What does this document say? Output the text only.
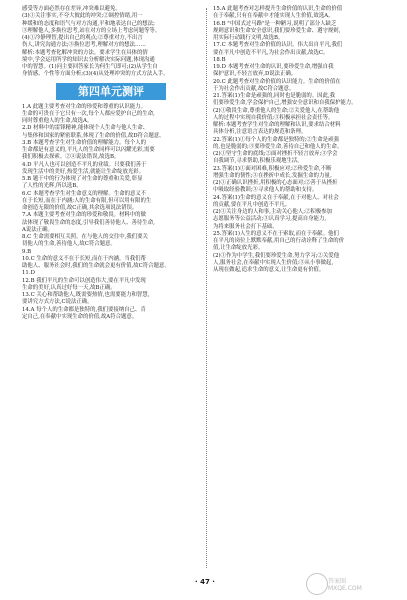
感受等方面必然存在差异,冲突难以避免。
(3)①关注事实,不夸大彼此的冲突;②调控情绪,用一
种缓和的态度和语气与对方沟通,平和地表达自己的想法;
③理解他人,多换位思考,站在对方的立场上考虑问题等等。
(4)①冷静理智,提出自己的观点;②尊重对方,不出言
伤人,讲究沟通方法;③换位思考,理解对方的想法……
解析:本题考查化解冲突的方法。要求学生在具体的情
境中,学会运用所学的知识去分析解决实际问题,体现沟通
中的智慧。(1)问主要回答家长为何生气即可;(2)从学生自
身情感、个性等方面分析;(3)(4)从处理冲突的方式方法入手。
第四单元测评
1.A 此题主要考查对生命的珍爱和尊重的认识能力。
生命的可贵在于它只有一次,每个人都应爱护自己的生命,
同时尊重他人的生命,故选A。
2.D 材料中的雷锋精神,能体现个人生命与他人生命、
与集体和国家的紧密联系,体现了生命的价值,故D符合题意。
3.B 本题考查学生对生命价值的理解能力。每个人的
生命都是有意义的,平凡人的生命同样可以闪耀光彩,需要
我们积极去探索。②④说法错误,故选B。
4.D 平凡人也可以创造不平凡的业绩。只要我们善于
发现生活中的美好,热爱生活,就能让生命绽放光彩。
5.B 题干中的行为体现了对生命的尊重和关爱,彰显
了人性的光辉,所以选B。
6.C 本题考查学生对生命意义的理解。生命的意义不
在于长短,而在于内涵;人的生命有限,但可以用有限的生
命创造无限的价值,故C正确,其余选项说法错误。
7.A 本题主要考查对生命的珍爱和敬畏。材料中的做
法体现了敬畏生命的态度,引导我们善待他人、善待生命,
A说法正确。
8.C 生命需要相互关照。在与他人的交往中,我们要关
切他人的生命,善待他人,故C符合题意。
9.B
10.C 生命的意义不在于长短,而在于内涵。当我们帮
助他人、服务社会时,我们的生命就会更有价值,故C符合题意。
11.D
12.B 我们平凡的生命可以创造伟大,要在平凡中发现
生命的美好,认真过好每一天,故B正确。
13.C 关心和帮助他人,既需要热情,也需要能力和智慧,
要讲究方式方法,C说法正确。
14.A 每个人的生命都是独特的,我们要接纳自己、肯
定自己,在奉献中实现生命的价值,故A符合题意。
15.A 此题考查对怎样提升生命价值的认识,生命的价值
在于奉献,只有在奉献中才能实现人生价值,故选A。
16.B "中国式过马路"是一种陋习,说明了部分人缺乏
规则意识和生命安全意识,我们要珍爱生命、遵守规则,
用实际行动践行文明,故选B。
17.C 本题考查对生命价值的认识。伟大出自平凡,我们
要在平凡中创造不平凡,为社会作出贡献,故选C。
18.B
19.D 本题考查对生命的认识,要珍爱生命,增强自我
保护意识,不轻言放弃,D说法正确。
20.C 此题考查对生命价值的认识能力。生命的价值在
于为社会作出贡献,故C符合题意。
21.答案(1)生命是顽强的,同时也是脆弱的。因此,我
们要珍爱生命,学会保护自己,增强安全意识和自我保护能力。
(2)①敬畏生命,尊重他人的生命;②关爱他人,在帮助他
人的过程中实现自我价值;③积极承担社会责任等。
解析:本题考查学生对生命的理解和认识,要求结合材料
具体分析,注意语言表达的规范和条理。
22.答案(1)①每个人的生命都是独特的;②生命是顽强
的,也是脆弱的;③要珍爱生命,善待自己和他人的生命。
(2)①坚守生命的底线;②面对挫折不轻言放弃;③学会
自我调节,寻求帮助,积极乐观地生活。
23.答案(1)①面对困难,积极应对;②珍爱生命,不断
增强生命的韧性;③在挫折中成长,发掘生命的力量。
(2)①正确认识挫折,用积极的心态面对;②善于从挫折
中吸取经验教训;③寻求他人的帮助和支持。
24.答案(1)生命的意义在于奉献,在于对他人、对社会
的贡献,要在平凡中创造不平凡。
(2)①关注身边的人和事,主动关心他人;②积极参加
志愿服务等公益活动;③认真学习,提高自身能力,
为将来服务社会打下基础。
25.答案(1)人生的意义不在于索取,而在于奉献。他们
在平凡的岗位上默默奉献,用自己的行动诠释了生命的价
值,让生命绽放光彩。
(2)①作为中学生,我们要珍爱生命,努力学习;②关爱他
人,服务社会,在奉献中实现人生价值;③从小事做起,
从现在做起,追求生命的意义,让生命更有价值。
· 47 ·	答案圈
MXQE.COM
